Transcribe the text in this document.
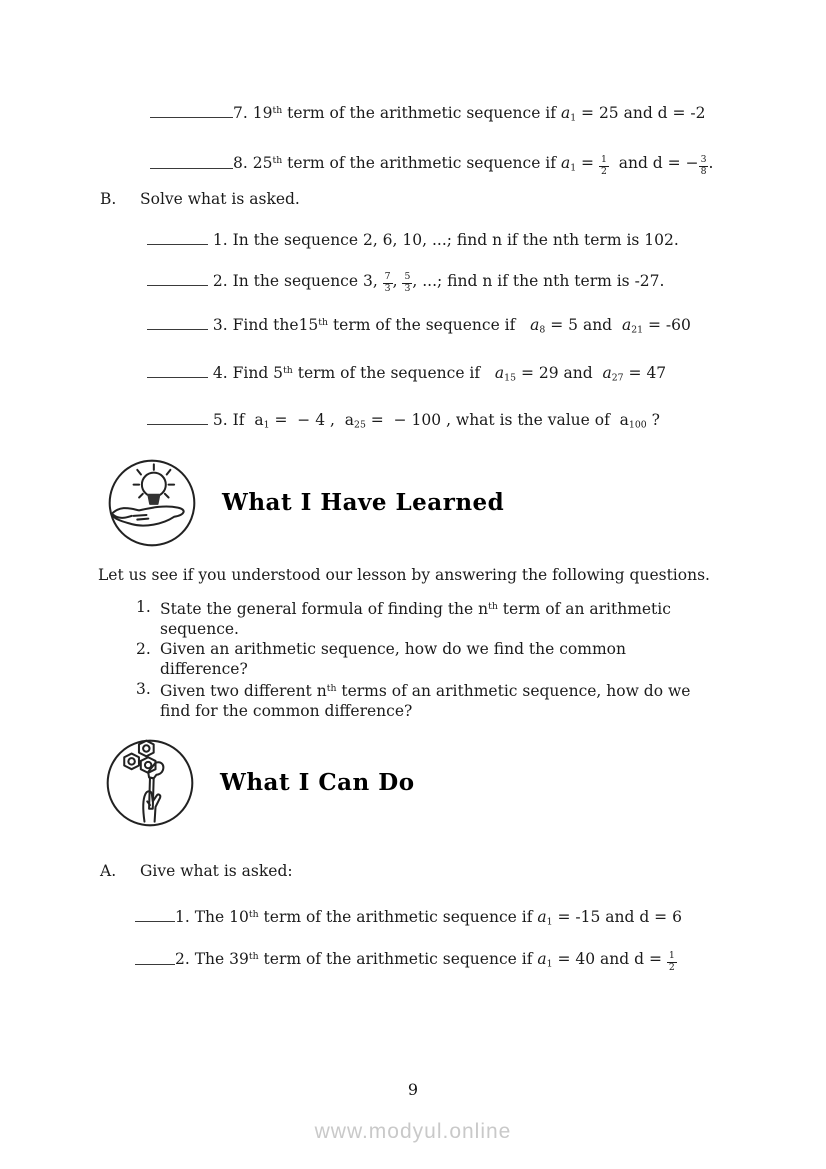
7. 19th term of the arithmetic sequence if $a_1 = 25$ and d = -2
8. 25th term of the arithmetic sequence if $a_1 = \frac{1}{2}$ and d = − $\frac{3}{8}$ .
B. Solve what is asked.
1. In the sequence 2, 6, 10, ...; find n if the nth term is 102.
2. In the sequence 3, $\frac{7}{3}$ , $\frac{5}{3}$ , ...; find n if the nth term is -27.
3. Find the15th term of the sequence if   $a_8 = 5$ and  $a_{21} = -60$
4. Find 5th term of the sequence if   $a_{15} = 29$ and  $a_{27} = 47$
5. If  $a_1$ =  − 4 ,  $a_{25}$ =  − 100 , what is the value of  $a_{100}$ ?
What I Have Learned
Let us see if you understood our lesson by answering the following questions.
1. State the general formula of finding the $n^{th}$ term of an arithmetic
sequence.
2. Given an arithmetic sequence, how do we find the common
difference?
3. Given two different $n^{th}$ terms of an arithmetic sequence, how do we
find for the common difference?
What I Can Do
A. Give what is asked:
1. The 10th term of the arithmetic sequence if $a_1 = -15$ and d = 6
2. The 39th term of the arithmetic sequence if $a_1 = 40$ and $d = \frac{1}{2}$
9
www.modyul.online
